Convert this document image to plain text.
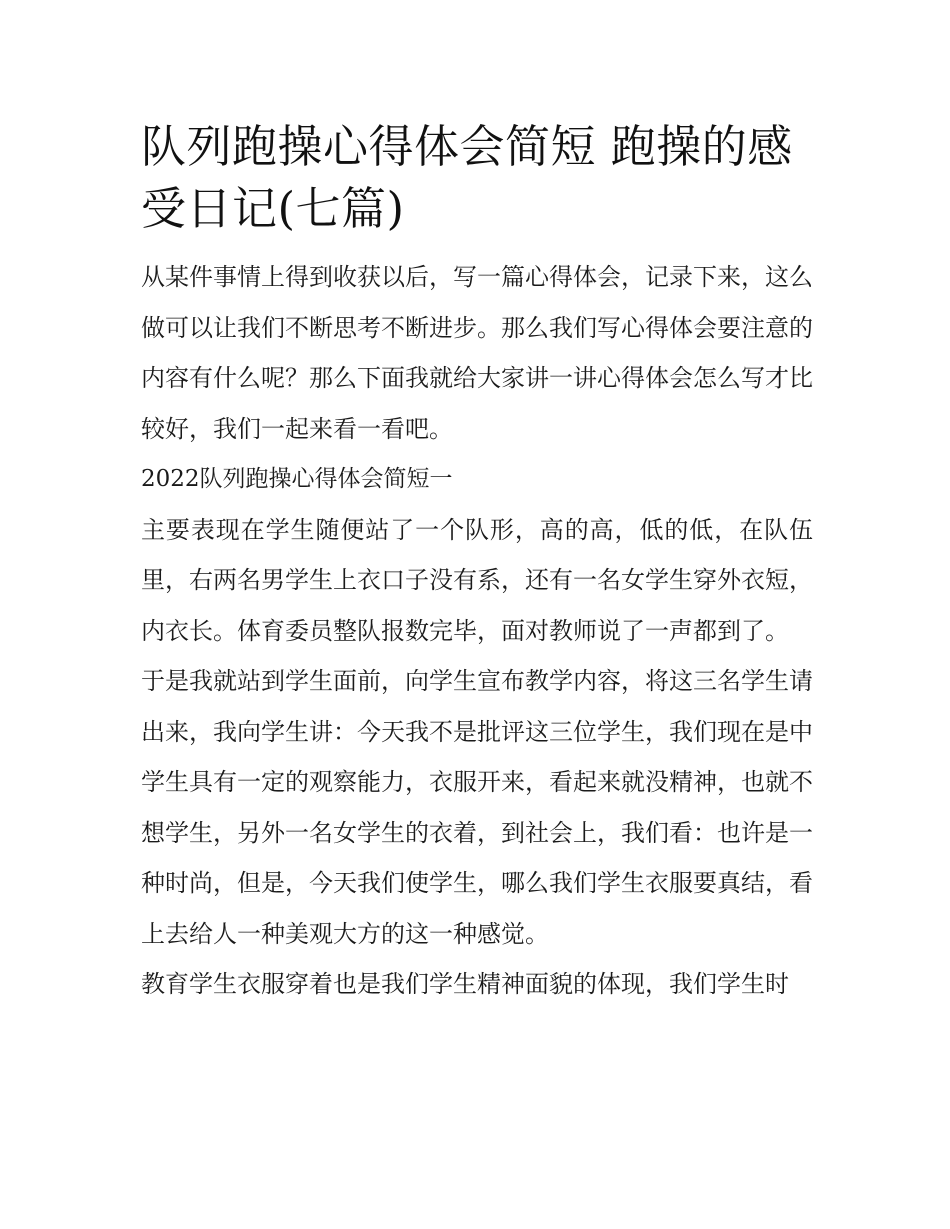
队列跑操心得体会简短 跑操的感受日记(七篇)

从某件事情上得到收获以后，写一篇心得体会，记录下来，这么做可以让我们不断思考不断进步。那么我们写心得体会要注意的内容有什么呢？那么下面我就给大家讲一讲心得体会怎么写才比较好，我们一起来看一看吧。

2022队列跑操心得体会简短一

主要表现在学生随便站了一个队形，高的高，低的低，在队伍里，右两名男学生上衣口子没有系，还有一名女学生穿外衣短，内衣长。体育委员整队报数完毕，面对教师说了一声都到了。

于是我就站到学生面前，向学生宣布教学内容，将这三名学生请出来，我向学生讲：今天我不是批评这三位学生，我们现在是中学生具有一定的观察能力，衣服开来，看起来就没精神，也就不想学生，另外一名女学生的衣着，到社会上，我们看：也许是一种时尚，但是，今天我们使学生，哪么我们学生衣服要真结，看上去给人一种美观大方的这一种感觉。

教育学生衣服穿着也是我们学生精神面貌的体现，我们学生时
